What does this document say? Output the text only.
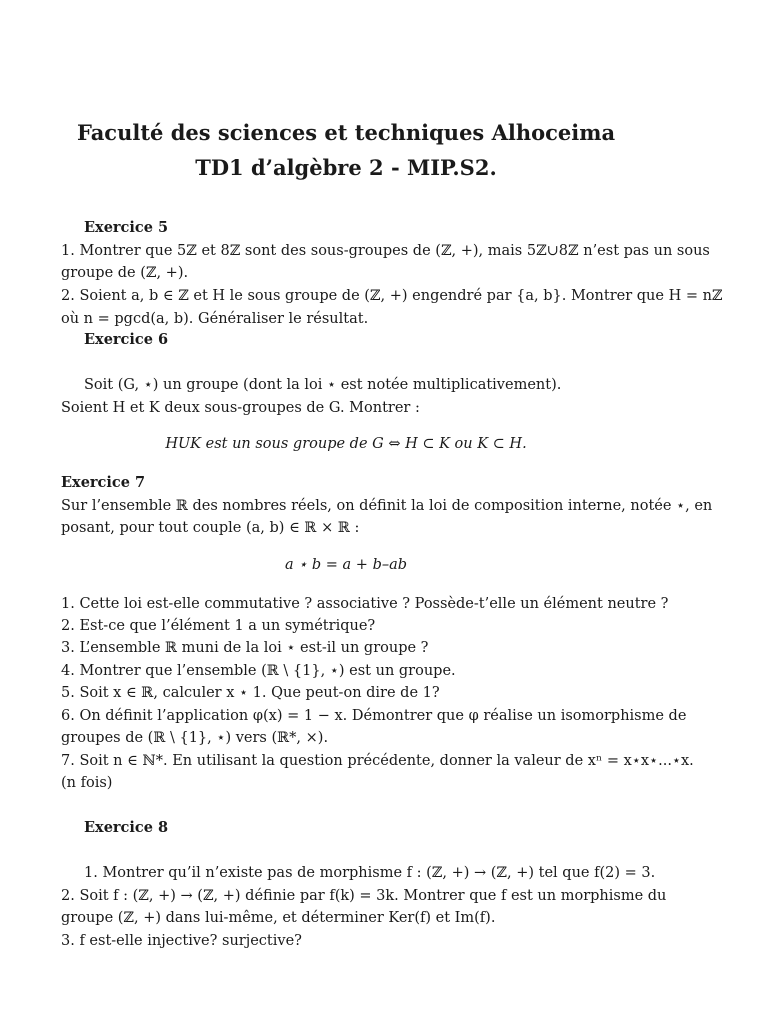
Faculté des sciences et techniques Alhoceima
TD1 d’algèbre 2 - MIP.S2.
Exercice 5
1. Montrer que 5ℤ et 8ℤ sont des sous-groupes de (ℤ, +), mais 5ℤ∪8ℤ n’est pas un sous
groupe de (ℤ, +).
2. Soient a, b ∈ ℤ et H le sous groupe de (ℤ, +) engendré par {a, b}. Montrer que H = nℤ
où n = pgcd(a, b). Généraliser le résultat.
Exercice 6
Soit (G, ⋆) un groupe (dont la loi ⋆ est notée multiplicativement).
Soient H et K deux sous-groupes de G. Montrer :
HUK est un sous groupe de G ⇔ H ⊂ K ou K ⊂ H.
Exercice 7
Sur l’ensemble ℝ des nombres réels, on définit la loi de composition interne, notée ⋆, en
posant, pour tout couple (a, b) ∈ ℝ × ℝ :
a ⋆ b = a + b–ab
1. Cette loi est-elle commutative ? associative ? Possède-t’elle un élément neutre ?
2. Est-ce que l’élément 1 a un symétrique?
3. L’ensemble ℝ muni de la loi ⋆ est-il un groupe ?
4. Montrer que l’ensemble (ℝ \ {1}, ⋆) est un groupe.
5. Soit x ∈ ℝ, calculer x ⋆ 1. Que peut-on dire de 1?
6. On définit l’application φ(x) = 1 − x. Démontrer que φ réalise un isomorphisme de
groupes de (ℝ \ {1}, ⋆) vers (ℝ*, ×).
7. Soit n ∈ ℕ*. En utilisant la question précédente, donner la valeur de xⁿ = x⋆x⋆...⋆x.
(n fois)
Exercice 8
1. Montrer qu’il n’existe pas de morphisme f : (ℤ, +) → (ℤ, +) tel que f(2) = 3.
2. Soit f : (ℤ, +) → (ℤ, +) définie par f(k) = 3k. Montrer que f est un morphisme du
groupe (ℤ, +) dans lui-même, et déterminer Ker(f) et Im(f).
3. f est-elle injective? surjective?
